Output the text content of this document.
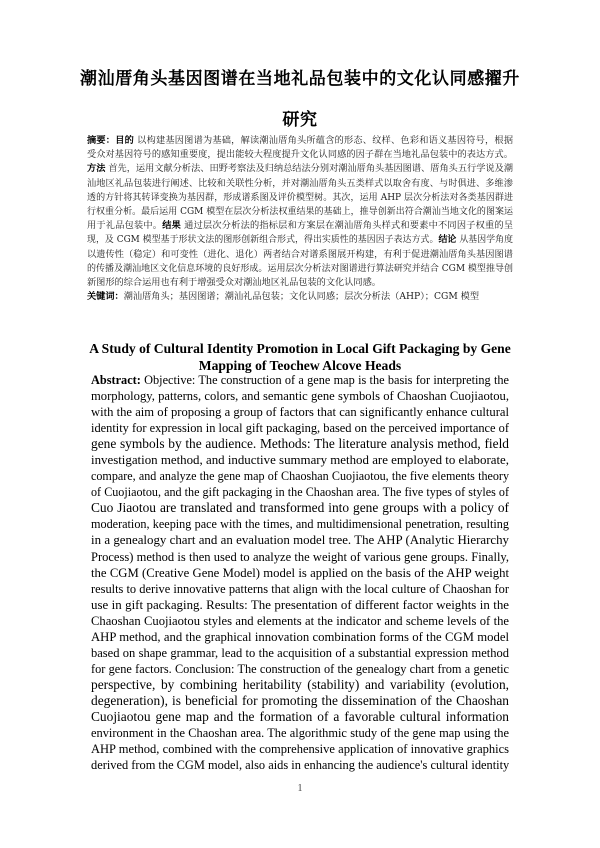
潮汕厝角头基因图谱在当地礼品包装中的文化认同感擢升
研究
摘要：目的 以构建基因图谱为基础，解读潮汕厝角头所蕴含的形态、纹样、色彩和语义基因符号，根据
受众对基因符号的感知重要度，提出能较大程度提升文化认同感的因子群在当地礼品包装中的表达方式。
方法 首先，运用文献分析法、田野考察法及归纳总结法分别对潮汕厝角头基因图谱、厝角头五行学说及潮
汕地区礼品包装进行阐述、比较和关联性分析，并对潮汕厝角头五类样式以取舍有度、与时俱进、多维渗
透的方针将其转译变换为基因群，形成谱系图及评价模型树。其次，运用 AHP 层次分析法对各类基因群进
行权重分析。最后运用 CGM 模型在层次分析法权重结果的基础上，推导创新出符合潮汕当地文化的图案运
用于礼品包装中。结果 通过层次分析法的指标层和方案层在潮汕厝角头样式和要素中不同因子权重的呈
现，及 CGM 模型基于形状文法的图形创新组合形式，得出实质性的基因因子表达方式。结论 从基因学角度
以遗传性（稳定）和可变性（进化、退化）两者结合对谱系图展开构建，有利于促进潮汕厝角头基因图谱
的传播及潮汕地区文化信息环境的良好形成。运用层次分析法对图谱进行算法研究并结合 CGM 模型推导创
新图形的综合运用也有利于增强受众对潮汕地区礼品包装的文化认同感。
关键词：潮汕厝角头；基因图谱；潮汕礼品包装；文化认同感；层次分析法（AHP）；CGM 模型
A Study of Cultural Identity Promotion in Local Gift Packaging by Gene
Mapping of Teochew Alcove Heads
Abstract: Objective: The construction of a gene map is the basis for interpreting the
morphology, patterns, colors, and semantic gene symbols of Chaoshan Cuojiaotou,
with the aim of proposing a group of factors that can significantly enhance cultural
identity for expression in local gift packaging, based on the perceived importance of
gene symbols by the audience. Methods: The literature analysis method, field
investigation method, and inductive summary method are employed to elaborate,
compare, and analyze the gene map of Chaoshan Cuojiaotou, the five elements theory
of Cuojiaotou, and the gift packaging in the Chaoshan area. The five types of styles of
Cuo Jiaotou are translated and transformed into gene groups with a policy of
moderation, keeping pace with the times, and multidimensional penetration, resulting
in a genealogy chart and an evaluation model tree. The AHP (Analytic Hierarchy
Process) method is then used to analyze the weight of various gene groups. Finally,
the CGM (Creative Gene Model) model is applied on the basis of the AHP weight
results to derive innovative patterns that align with the local culture of Chaoshan for
use in gift packaging. Results: The presentation of different factor weights in the
Chaoshan Cuojiaotou styles and elements at the indicator and scheme levels of the
AHP method, and the graphical innovation combination forms of the CGM model
based on shape grammar, lead to the acquisition of a substantial expression method
for gene factors. Conclusion: The construction of the genealogy chart from a genetic
perspective, by combining heritability (stability) and variability (evolution,
degeneration), is beneficial for promoting the dissemination of the Chaoshan
Cuojiaotou gene map and the formation of a favorable cultural information
environment in the Chaoshan area. The algorithmic study of the gene map using the
AHP method, combined with the comprehensive application of innovative graphics
derived from the CGM model, also aids in enhancing the audience's cultural identity
1
